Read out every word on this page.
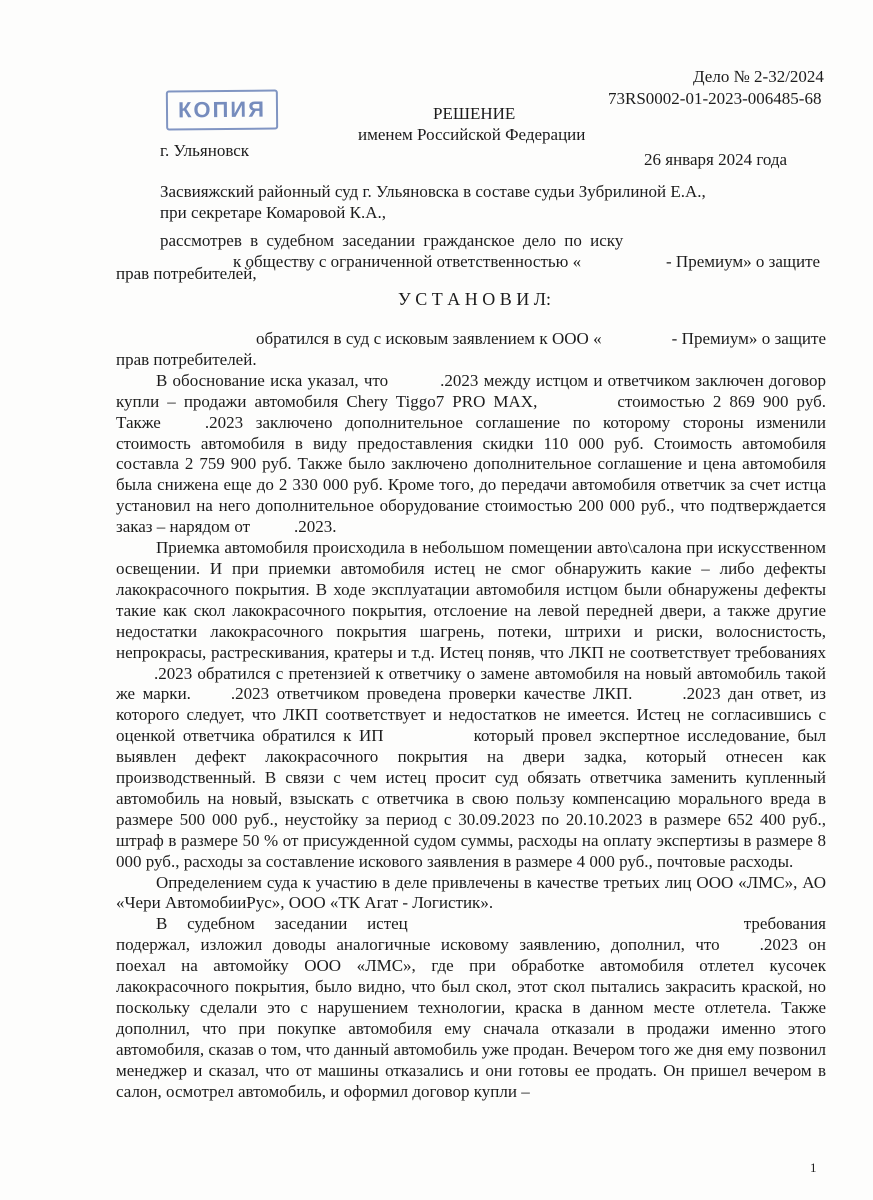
КОПИЯ
Дело № 2-32/2024
73RS0002-01-2023-006485-68
РЕШЕНИЕ
именем Российской Федерации
г. Ульяновск	26 января 2024 года
Засвияжский районный суд г. Ульяновска в составе судьи Зубрилиной Е.А.,
при секретаре Комаровой К.А.,
рассмотрев в судебном заседании гражданское дело по иску
к обществу с ограниченной ответственностью «	- Премиум» о защите
прав потребителей,
У С Т А Н О В И Л:

обратился в суд с исковым заявлением к ООО «	- Премиум» о защите прав потребителей.

В обоснование иска указал, что	.2023 между истцом и ответчиком заключен договор купли – продажи автомобиля Chery Tiggo7 PRO MAX,	стоимостью 2 869 900 руб. Также	.2023 заключено дополнительное соглашение по которому стороны изменили стоимость автомобиля в виду предоставления скидки 110 000 руб. Стоимость автомобиля составла 2 759 900 руб. Также было заключено дополнительное соглашение и цена автомобиля была снижена еще до 2 330 000 руб. Кроме того, до передачи автомобиля ответчик за счет истца установил на него дополнительное оборудование стоимостью 200 000 руб., что подтверждается заказ – нарядом от	.2023.

Приемка автомобиля происходила в небольшом помещении авто\салона при искусственном освещении. И при приемки автомобиля истец не смог обнаружить какие – либо дефекты лакокрасочного покрытия. В ходе эксплуатации автомобиля истцом были обнаружены дефекты такие как скол лакокрасочного покрытия, отслоение на левой передней двери, а также другие недостатки лакокрасочного покрытия шагрень, потеки, штрихи и риски, волоснистость, непрокрасы, растрескивания, кратеры и т.д. Истец поняв, что ЛКП не соответствует требованиях.2023 обратился с претензией к ответчику о замене автомобиля на новый автомобиль такой же марки. .2023 ответчиком проведена проверки качестве ЛКП.	.2023 дан ответ, из которого следует, что ЛКП соответствует и недостатков не имеется. Истец не согласившись с оценкой ответчика обратился к ИП	который провел экспертное исследование, был выявлен дефект лакокрасочного покрытия на двери задка, который отнесен как производственный. В связи с чем истец просит суд обязать ответчика заменить купленный автомобиль на новый, взыскать с ответчика в свою пользу компенсацию морального вреда в размере 500 000 руб., неустойку за период с 30.09.2023 по 20.10.2023 в размере 652 400 руб., штраф в размере 50 % от присужденной судом суммы, расходы на оплату экспертизы в размере 8 000 руб., расходы за составление искового заявления в размере 4 000 руб., почтовые расходы.

Определением суда к участию в деле привлечены в качестве третьих лиц ООО «ЛМС», АО «Чери АвтомобииРус», ООО «ТК Агат - Логистик».

В судебном заседании истец	требования подержал, изложил доводы аналогичные исковому заявлению, дополнил, что .2023 он поехал на автомойку ООО «ЛМС», где при обработке автомобиля отлетел кусочек лакокрасочного покрытия, было видно, что был скол, этот скол пытались закрасить краской, но поскольку сделали это с нарушением технологии, краска в данном месте отлетела. Также дополнил, что при покупке автомобиля ему сначала отказали в продажи именно этого автомобиля, сказав о том, что данный автомобиль уже продан. Вечером того же дня ему позвонил менеджер и сказал, что от машины отказались и они готовы ее продать. Он пришел вечером в салон, осмотрел автомобиль, и оформил договор купли –

1
